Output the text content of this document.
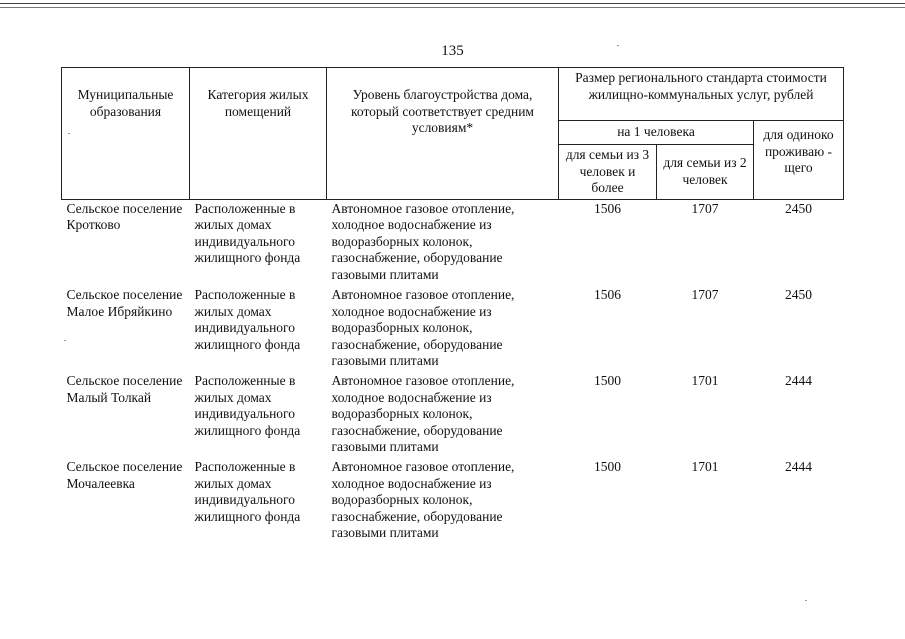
135
Муниципальные образования	Категория жилых помещений	Уровень благоустройства дома, который соответствует средним условиям*	Размер регионального стандарта стоимости жилищно-коммунальных услуг, рублей		
			на 1 человека		для одиноко проживаю - щего
			для семьи из 3 человек и более	для семьи из 2 человек	
Сельское поселение Кротково	Расположенные в жилых домах индивидуального жилищного фонда	Автономное газовое отопление, холодное водоснабжение из водоразборных колонок, газоснабжение, оборудование газовыми плитами	1506	1707	2450
Сельское поселение Малое Ибряйкино	Расположенные в жилых домах индивидуального жилищного фонда	Автономное газовое отопление, холодное водоснабжение из водоразборных колонок, газоснабжение, оборудование газовыми плитами	1506	1707	2450
Сельское поселение Малый Толкай	Расположенные в жилых домах индивидуального жилищного фонда	Автономное газовое отопление, холодное водоснабжение из водоразборных колонок, газоснабжение, оборудование газовыми плитами	1500	1701	2444
Сельское поселение Мочалеевка	Расположенные в жилых домах индивидуального жилищного фонда	Автономное газовое отопление, холодное водоснабжение из водоразборных колонок, газоснабжение, оборудование газовыми плитами	1500	1701	2444
